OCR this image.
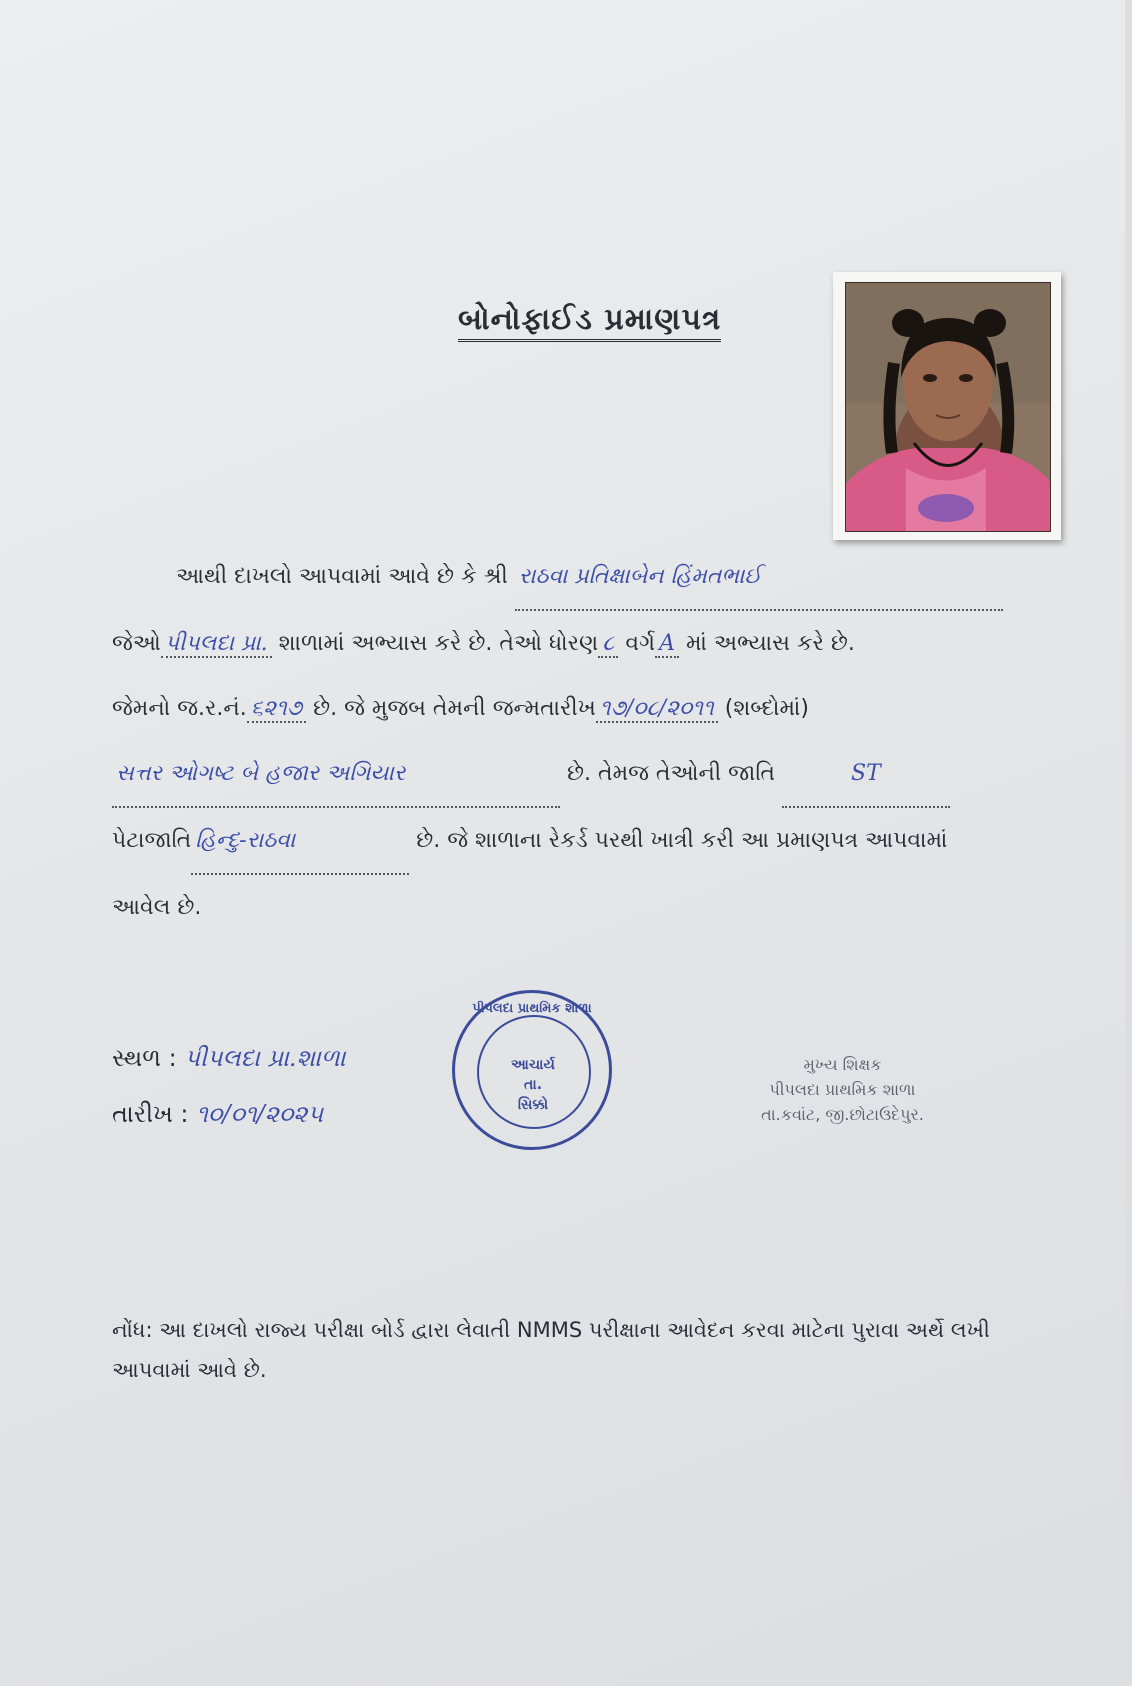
બોનોફાઈડ પ્રમાણપત્ર
આથી દાખલો આપવામાં આવે છે કે શ્રી રાઠવા પ્રતિક્ષાબેન હિંમતભાઈ
જેઓ પીપલદા પ્રા. શાળામાં અભ્યાસ કરે છે. તેઓ ધોરણ ૮ વર્ગ A માં અભ્યાસ કરે છે.
જેમનો જ.ર.નં. ૬૨૧૭ છે. જે મુજબ તેમની જન્મતારીખ ૧૭/૦૮/૨૦૧૧ (શબ્દોમાં)
સત્તર ઓગષ્ટ બે હજાર અગિયાર	છે. તેમજ તેઓની જાતિ	ST
પેટાજાતિ હિન્દુ-રાઠવા	છે. જે શાળાના રેકર્ડ પરથી ખાત્રી કરી આ પ્રમાણપત્ર આપવામાં
આવેલ છે.
સ્થળ : પીપલદા પ્રા.શાળા
તારીખ : ૧૦/૦૧/૨૦૨૫
પીપલદા પ્રાથમિક શાળા
આચાર્ય
તા.
સિક્કો
મુખ્ય શિક્ષક
પીપલદા પ્રાથમિક શાળા
તા.કવાંટ, જી.છોટાઉદેપુર.
નોંધ: આ દાખલો રાજ્ય પરીક્ષા બોર્ડ દ્વારા લેવાતી NMMS પરીક્ષાના આવેદન કરવા માટેના પુરાવા અર્થે લખી આપવામાં આવે છે.
